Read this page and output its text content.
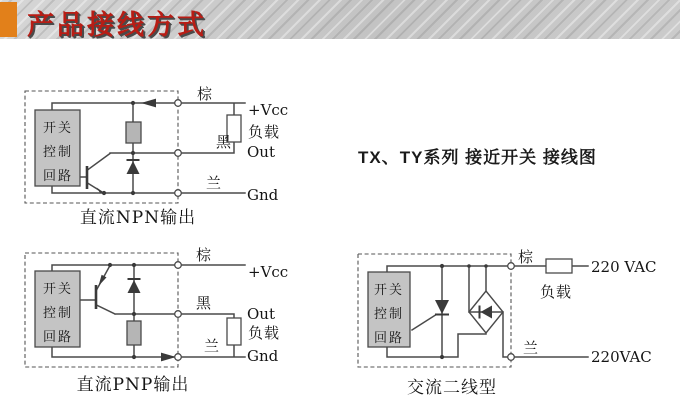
产品接线方式
TX、TY系列 接近开关 接线图
开关
控制
回路
棕
黑
兰
+Vcc
负载
Out
Gnd
直流NPN输出
开关
控制
回路
棕
黑
兰
+Vcc
Out
负载
Gnd
直流PNP输出
开关
控制
回路
棕
兰
负载
220 VAC
220VAC
交流二线型
